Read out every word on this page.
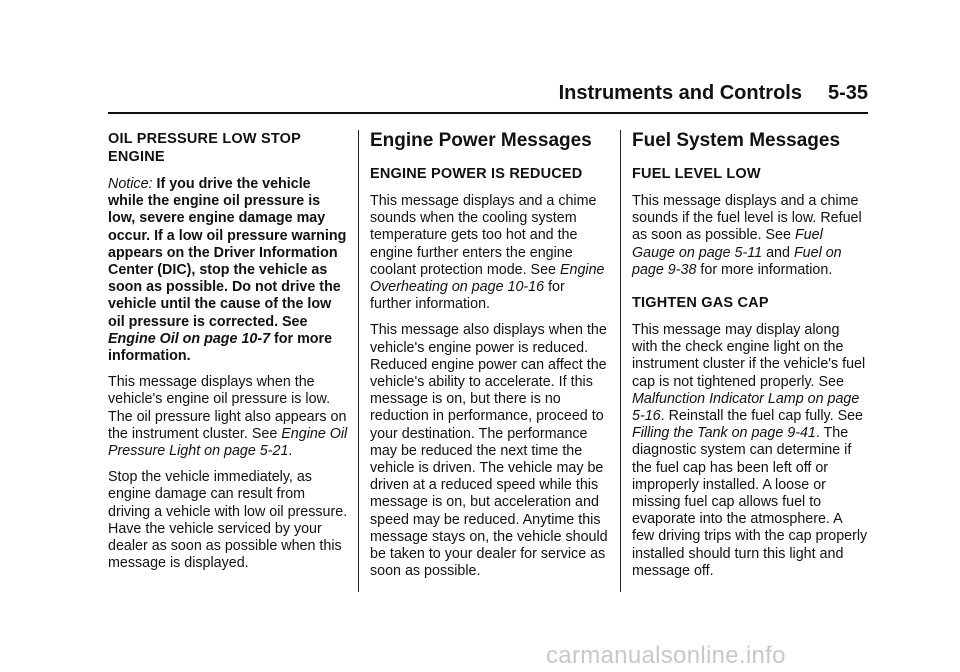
Instruments and Controls 5-35
OIL PRESSURE LOW STOP ENGINE

Notice: If you drive the vehicle while the engine oil pressure is low, severe engine damage may occur. If a low oil pressure warning appears on the Driver Information Center (DIC), stop the vehicle as soon as possible. Do not drive the vehicle until the cause of the low oil pressure is corrected. See Engine Oil on page 10-7 for more information.

This message displays when the vehicle's engine oil pressure is low. The oil pressure light also appears on the instrument cluster. See Engine Oil Pressure Light on page 5-21.

Stop the vehicle immediately, as engine damage can result from driving a vehicle with low oil pressure. Have the vehicle serviced by your dealer as soon as possible when this message is displayed.

Engine Power Messages
ENGINE POWER IS REDUCED

This message displays and a chime sounds when the cooling system temperature gets too hot and the engine further enters the engine coolant protection mode. See Engine Overheating on page 10-16 for further information.

This message also displays when the vehicle's engine power is reduced. Reduced engine power can affect the vehicle's ability to accelerate. If this message is on, but there is no reduction in performance, proceed to your destination. The performance may be reduced the next time the vehicle is driven. The vehicle may be driven at a reduced speed while this message is on, but acceleration and speed may be reduced. Anytime this message stays on, the vehicle should be taken to your dealer for service as soon as possible.

Fuel System Messages
FUEL LEVEL LOW

This message displays and a chime sounds if the fuel level is low. Refuel as soon as possible. See Fuel Gauge on page 5-11 and Fuel on page 9-38 for more information.

TIGHTEN GAS CAP

This message may display along with the check engine light on the instrument cluster if the vehicle's fuel cap is not tightened properly. See Malfunction Indicator Lamp on page 5-16. Reinstall the fuel cap fully. See Filling the Tank on page 9-41. The diagnostic system can determine if the fuel cap has been left off or improperly installed. A loose or missing fuel cap allows fuel to evaporate into the atmosphere. A few driving trips with the cap properly installed should turn this light and message off.

carmanualsonline.info
